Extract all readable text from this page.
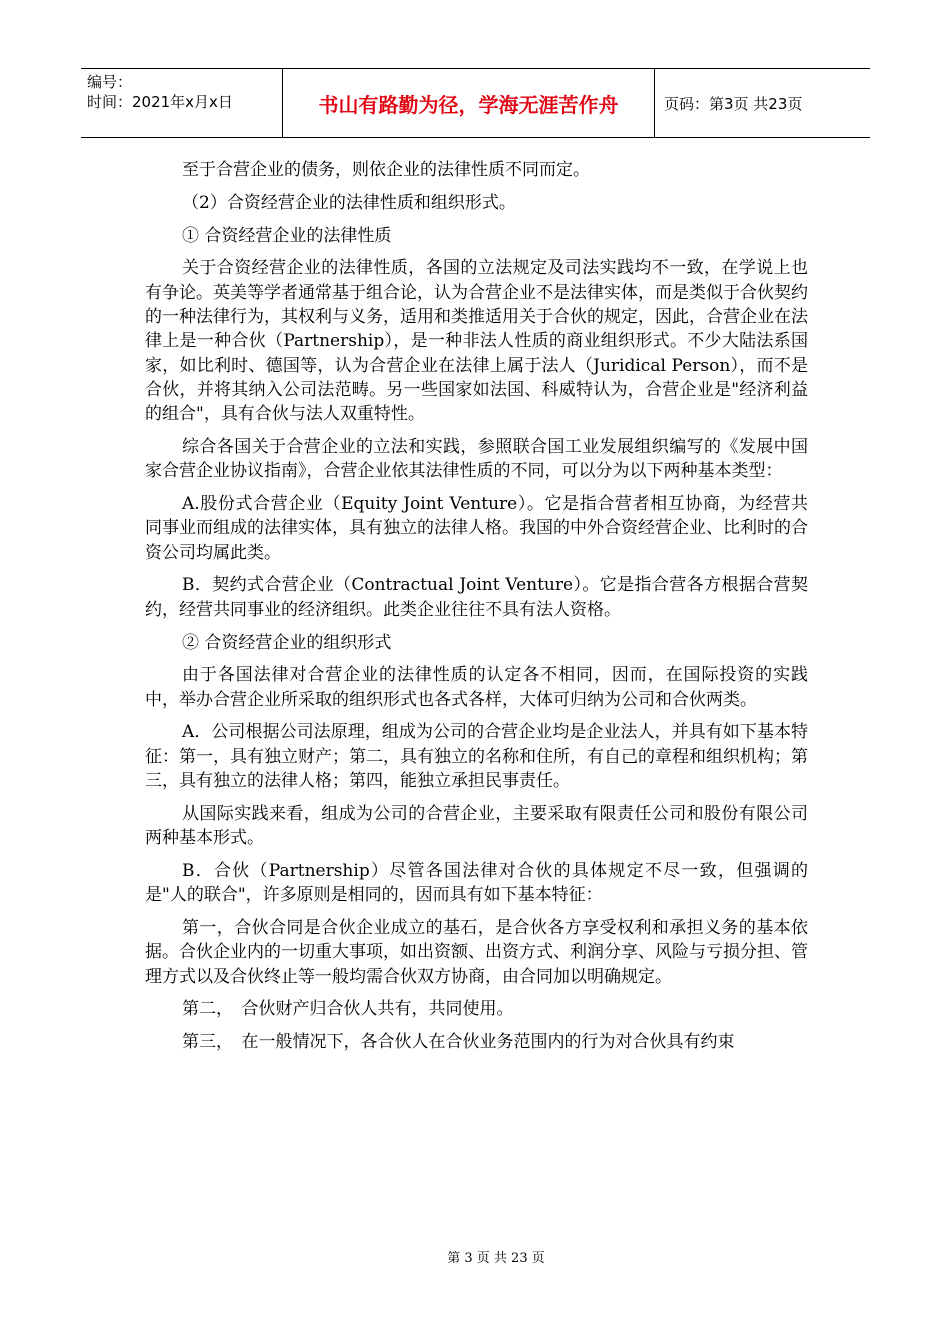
编号：
时间：2021年x月x日	书山有路勤为径，学海无涯苦作舟	页码：第3页 共23页

至于合营企业的债务，则依企业的法律性质不同而定。

（2）合资经营企业的法律性质和组织形式。

① 合资经营企业的法律性质

关于合资经营企业的法律性质，各国的立法规定及司法实践均不一致，在学说上也有争论。英美等学者通常基于组合论，认为合营企业不是法律实体，而是类似于合伙契约的一种法律行为，其权利与义务，适用和类推适用关于合伙的规定，因此，合营企业在法律上是一种合伙（Partnership），是一种非法人性质的商业组织形式。不少大陆法系国家，如比利时、德国等，认为合营企业在法律上属于法人（Juridical Person），而不是合伙，并将其纳入公司法范畴。另一些国家如法国、科威特认为，合营企业是"经济利益的组合"，具有合伙与法人双重特性。

综合各国关于合营企业的立法和实践，参照联合国工业发展组织编写的《发展中国家合营企业协议指南》，合营企业依其法律性质的不同，可以分为以下两种基本类型：

A.股份式合营企业（Equity Joint Venture）。它是指合营者相互协商，为经营共同事业而组成的法律实体，具有独立的法律人格。我国的中外合资经营企业、比利时的合资公司均属此类。

B．契约式合营企业（Contractual Joint Venture）。它是指合营各方根据合营契约，经营共同事业的经济组织。此类企业往往不具有法人资格。

② 合资经营企业的组织形式

由于各国法律对合营企业的法律性质的认定各不相同，因而，在国际投资的实践中，举办合营企业所采取的组织形式也各式各样，大体可归纳为公司和合伙两类。

A．公司根据公司法原理，组成为公司的合营企业均是企业法人，并具有如下基本特征：第一，具有独立财产；第二，具有独立的名称和住所，有自己的章程和组织机构；第三，具有独立的法律人格；第四，能独立承担民事责任。

从国际实践来看，组成为公司的合营企业，主要采取有限责任公司和股份有限公司两种基本形式。

B．合伙（Partnership）尽管各国法律对合伙的具体规定不尽一致，但强调的是"人的联合"，许多原则是相同的，因而具有如下基本特征：

第一，合伙合同是合伙企业成立的基石，是合伙各方享受权利和承担义务的基本依据。合伙企业内的一切重大事项，如出资额、出资方式、利润分享、风险与亏损分担、管理方式以及合伙终止等一般均需合伙双方协商，由合同加以明确规定。

第二，　合伙财产归合伙人共有，共同使用。

第三，　在一般情况下，各合伙人在合伙业务范围内的行为对合伙具有约束

第 3 页 共 23 页
